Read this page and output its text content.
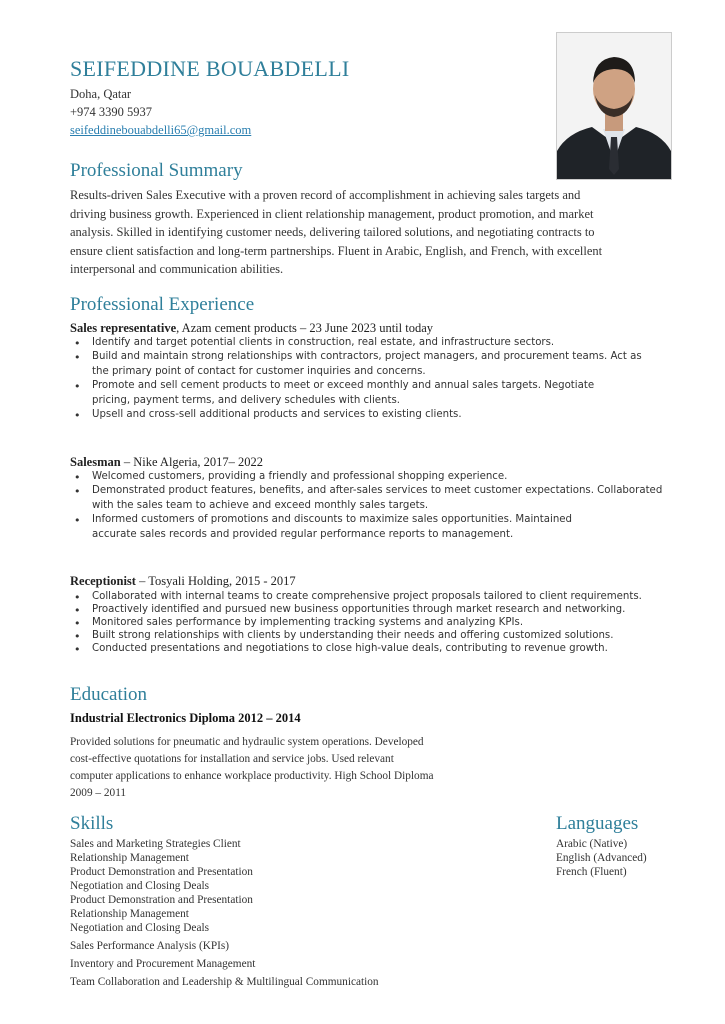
SEIFEDDINE BOUABDELLI
Doha, Qatar
+974 3390 5937
seifeddinebouabdelli65@gmail.com
Professional Summary
Results-driven Sales Executive with a proven record of accomplishment in achieving sales targets and
driving business growth. Experienced in client relationship management, product promotion, and market
analysis. Skilled in identifying customer needs, delivering tailored solutions, and negotiating contracts to
ensure client satisfaction and long-term partnerships. Fluent in Arabic, English, and French, with excellent
interpersonal and communication abilities.
Professional Experience
Sales representative, Azam cement products – 23 June 2023 until today
• Identify and target potential clients in construction, real estate, and infrastructure sectors.
• Build and maintain strong relationships with contractors, project managers, and procurement teams. Act as
the primary point of contact for customer inquiries and concerns.
• Promote and sell cement products to meet or exceed monthly and annual sales targets. Negotiate
pricing, payment terms, and delivery schedules with clients.
• Upsell and cross-sell additional products and services to existing clients.
Salesman – Nike Algeria, 2017– 2022
• Welcomed customers, providing a friendly and professional shopping experience.
• Demonstrated product features, benefits, and after-sales services to meet customer expectations. Collaborated
with the sales team to achieve and exceed monthly sales targets.
• Informed customers of promotions and discounts to maximize sales opportunities. Maintained
accurate sales records and provided regular performance reports to management.
Receptionist – Tosyali Holding, 2015 - 2017
• Collaborated with internal teams to create comprehensive project proposals tailored to client requirements.
• Proactively identified and pursued new business opportunities through market research and networking.
• Monitored sales performance by implementing tracking systems and analyzing KPIs.
• Built strong relationships with clients by understanding their needs and offering customized solutions.
• Conducted presentations and negotiations to close high-value deals, contributing to revenue growth.
Education
Industrial Electronics Diploma 2012 – 2014
Provided solutions for pneumatic and hydraulic system operations. Developed
cost-effective quotations for installation and service jobs. Used relevant
computer applications to enhance workplace productivity. High School Diploma
2009 – 2011
Skills
Sales and Marketing Strategies Client
Relationship Management
Product Demonstration and Presentation
Negotiation and Closing Deals
Product Demonstration and Presentation
Relationship Management
Negotiation and Closing Deals
Sales Performance Analysis (KPIs)
Inventory and Procurement Management
Team Collaboration and Leadership & Multilingual Communication
Languages
Arabic (Native)
English (Advanced)
French (Fluent)
